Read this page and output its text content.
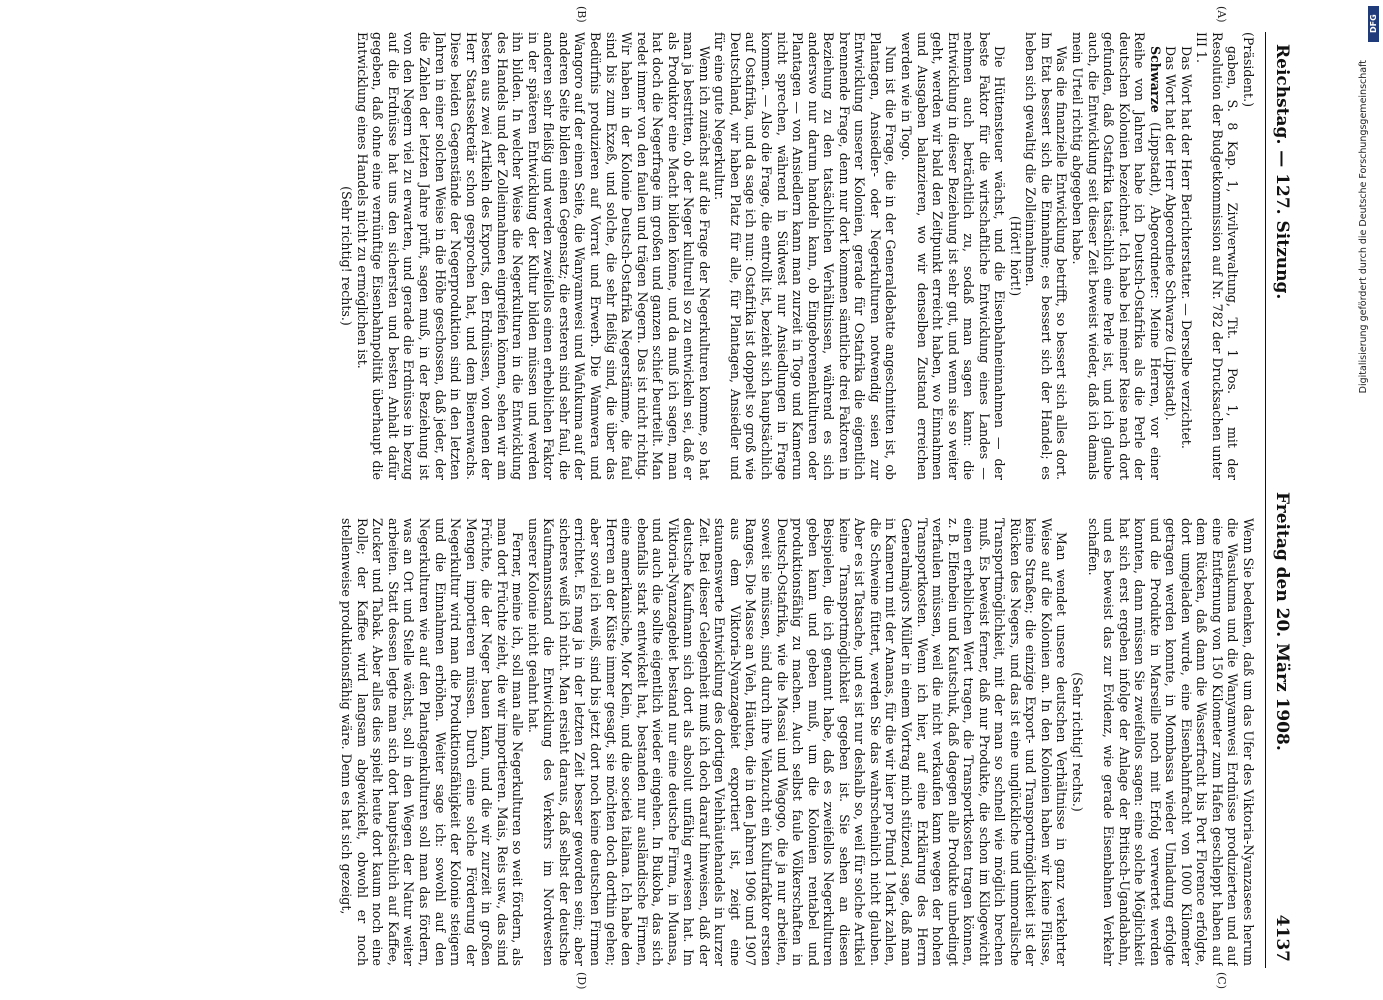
Reichstag. — 127. Sitzung.
Freitag den 20. März 1908.
4137
(A)
(B)
(C)
(D)

(Präsident.)

gaben, S. 8 Kap. 1, Zivilverwaltung, Tit. 1 Pos. 1, mit der Resolution der Budgetkommission auf Nr. 782 der Drucksachen unter III 1.

Das Wort hat der Herr Berichterstatter. — Derselbe verzichtet.

Das Wort hat der Herr Abgeordnete Schwarze (Lippstadt).

Schwarze (Lippstadt), Abgeordneter: Meine Herren, vor einer Reihe von Jahren habe ich Deutsch-Ostafrika als die Perle der deutschen Kolonien bezeichnet. Ich habe bei meiner Reise nach dort gefunden, daß Ostafrika tatsächlich eine Perle ist, und ich glaube auch, die Entwicklung seit dieser Zeit beweist wieder, daß ich damals mein Urteil richtig abgegeben habe.

Was die finanzielle Entwicklung betrifft, so bessert sich alles dort. Im Etat bessert sich die Einnahme; es bessert sich der Handel; es heben sich gewaltig die Zolleinnahmen.

(Hört! hört!)

Die Hüttensteuer wächst, und die Eisenbahneinnahmen — der beste Faktor für die wirtschaftliche Entwicklung eines Landes — nehmen auch beträchtlich zu, sodaß man sagen kann: die Entwicklung in dieser Beziehung ist sehr gut, und wenn sie so weiter geht, werden wir bald den Zeitpunkt erreicht haben, wo Einnahmen und Ausgaben balanzieren, wo wir denselben Zustand erreichen werden wie in Togo.

Nun ist die Frage, die in der Generaldebatte angeschnitten ist, ob Plantagen, Ansiedler- oder Negerkulturen notwendig seien zur Entwicklung unserer Kolonien, gerade für Ostafrika die eigentlich brennende Frage, denn nur dort kommen sämtliche drei Faktoren in Beziehung zu den tatsächlichen Verhältnissen, während es sich anderswo nur darum handeln kann, ob Eingeborenenkulturen oder Plantagen — von Ansiedlern kann man zurzeit in Togo und Kamerun nicht sprechen, während in Südwest nur Ansiedlungen in Frage kommen. — Also die Frage, die entrollt ist, bezieht sich hauptsächlich auf Ostafrika, und da sage ich nun: Ostafrika ist doppelt so groß wie Deutschland, wir haben Platz für alle, für Plantagen, Ansiedler und für eine gute Negerkultur.

Wenn ich zunächst auf die Frage der Negerkulturen komme, so hat man ja bestritten, ob der Neger kulturell so zu entwickeln sei, daß er als Produktor eine Macht bilden könne, und da muß ich sagen, man hat doch die Negerfrage im großen und ganzen schief beurteilt. Man redet immer von den faulen und trägen Negern. Das ist nicht richtig. Wir haben in der Kolonie Deutsch-Ostafrika Negerstämme, die faul sind bis zum Exzeß, und solche, die sehr fleißig sind, die über das Bedürfnis produzieren auf Vorrat und Erwerb. Die Wamwera und Wangoro auf der einen Seite, die Wanyamwesi und Wafukuma auf der anderen Seite bilden einen Gegensatz; die ersteren sind sehr faul, die anderen sehr fleißig und werden zweifellos einen erheblichen Faktor in der späteren Entwicklung der Kultur bilden müssen und werden ihn bilden. In welcher Weise die Negerkulturen in die Entwicklung des Handels und der Zolleinnahmen eingreifen können, sehen wir am besten aus zwei Artikeln des Exports, den Erdnüssen, von denen der Herr Staatssekretär schon gesprochen hat, und dem Bienenwachs. Diese beiden Gegenstände der Negerproduktion sind in den letzten Jahren in einer solchen Weise in die Höhe geschossen, daß jeder, der die Zahlen der letzten Jahre prüft, sagen muß, in der Beziehung ist von den Negern viel zu erwarten, und gerade die Erdnüsse in bezug auf die Erdnüsse hat uns den sichersten und besten Anhalt dafür gegeben, daß ohne eine vernünftige Eisenbahnpolitik überhaupt die Entwicklung eines Handels nicht zu ermöglichen ist.

(Sehr richtig! rechts.)

Wenn Sie bedenken, daß um das Ufer des Viktoria-Nyanzasees herum die Wasukuma und die Wanyamwesi Erdnüsse produzierten und auf eine Entfernung von 150 Kilometer zum Hafen geschleppt haben auf dem Rücken, daß dann die Wasserfracht bis Port Florence erfolgte, dort umgeladen wurde, eine Eisenbahnfracht von 1000 Kilometer getragen werden konnte, in Mombassa wieder Umladung erfolgte und die Produkte in Marseille noch mit Erfolg verwertet werden konnten, dann müssen Sie zweifellos sagen: eine solche Möglichkeit hat sich erst ergeben infolge der Anlage der Britisch-Ugandabahn, und es beweist das zur Evidenz, wie gerade Eisenbahnen Verkehr schaffen.

(Sehr richtig! rechts.)

Man wendet unsere deutschen Verhältnisse in ganz verkehrter Weise auf die Kolonien an. In den Kolonien haben wir keine Flüsse, keine Straßen; die einzige Export- und Transportmöglichkeit ist der Rücken des Negers, und das ist eine unglückliche und unmoralische Transportmöglichkeit, mit der man so schnell wie möglich brechen muß. Es beweist ferner, daß nur Produkte, die schon im Kilogewicht einen erheblichen Wert tragen, die Transportkosten tragen können, z. B. Elfenbein und Kautschuk, daß dagegen alle Produkte unbedingt verfaulen müssen, weil die nicht verkaufen kann wegen der hohen Transportkosten. Wenn ich hier, auf eine Erklärung des Herrn Generalmajors Müller in einem Vortrag mich stützend, sage, daß man in Kamerun mit der Ananas, für die wir hier pro Pfund 1 Mark zahlen, die Schweine füttert, werden Sie das wahrscheinlich nicht glauben. Aber es ist Tatsache, und es ist nur deshalb so, weil für solche Artikel keine Transportmöglichkeit gegeben ist. Sie sehen an diesen Beispielen, die ich genannt habe, daß es zweifellos Negerkulturen geben kann und geben muß, um die Kolonien rentabel und produktionsfähig zu machen. Auch selbst faule Völkerschaften in Deutsch-Ostafrika, wie die Massai und Wagogo, die ja nur arbeiten, soweit sie müssen, sind durch ihre Viehzucht ein Kulturfaktor ersten Ranges. Die Masse an Vieh, Häuten, die in den Jahren 1906 und 1907 aus dem Viktoria-Nyanzagebiet exportiert ist, zeigt eine staunenswerte Entwicklung des dortigen Viehhäutehandels in kurzer Zeit. Bei dieser Gelegenheit muß ich doch darauf hinweisen, daß der deutsche Kaufmann sich dort als absolut unfähig erwiesen hat. Im Viktoria-Nyanzagebiet bestand nur eine deutsche Firma, in Muansa, und auch die sollte eigentlich wieder eingehen. In Bukoba, das sich ebenfalls stark entwickelt hat, bestanden nur ausländische Firmen, eine amerikanische, Mor Klein, und die società italiana. Ich habe den Herren an der Küste immer gesagt, sie möchten doch dorthin gehen; aber soviel ich weiß, sind bis jetzt dort noch keine deutschen Firmen errichtet. Es mag ja in der letzten Zeit besser geworden sein; aber sicheres weiß ich nicht. Man ersieht daraus, daß selbst der deutsche Kaufmannsstand die Entwicklung des Verkehrs im Nordwesten unserer Kolonie nicht geahnt hat.

Ferner, meine ich, soll man alle Negerkulturen so weit fördern, als man dort Früchte zieht, die wir importieren. Mais, Reis usw., das sind Früchte, die der Neger bauen kann, und die wir zurzeit in großen Mengen importieren müssen. Durch eine solche Förderung der Negerkultur wird man die Produktionsfähigkeit der Kolonie steigern und die Einnahmen erhöhen. Weiter sage ich: sowohl auf den Negerkulturen wie auf den Plantagenkulturen soll man das fördern, was an Ort und Stelle wächst, soll in den Wegen der Natur weiter arbeiten. Statt dessen legte man sich dort hauptsächlich auf Kaffee, Zucker und Tabak. Aber alles dies spielt heute dort kaum noch eine Rolle; der Kaffee wird langsam abgewickelt, obwohl er noch stellenweise produktionsfähig wäre. Denn es hat sich gezeigt,

DFG
Digitalisierung gefördert durch die Deutsche Forschungsgemeinschaft
